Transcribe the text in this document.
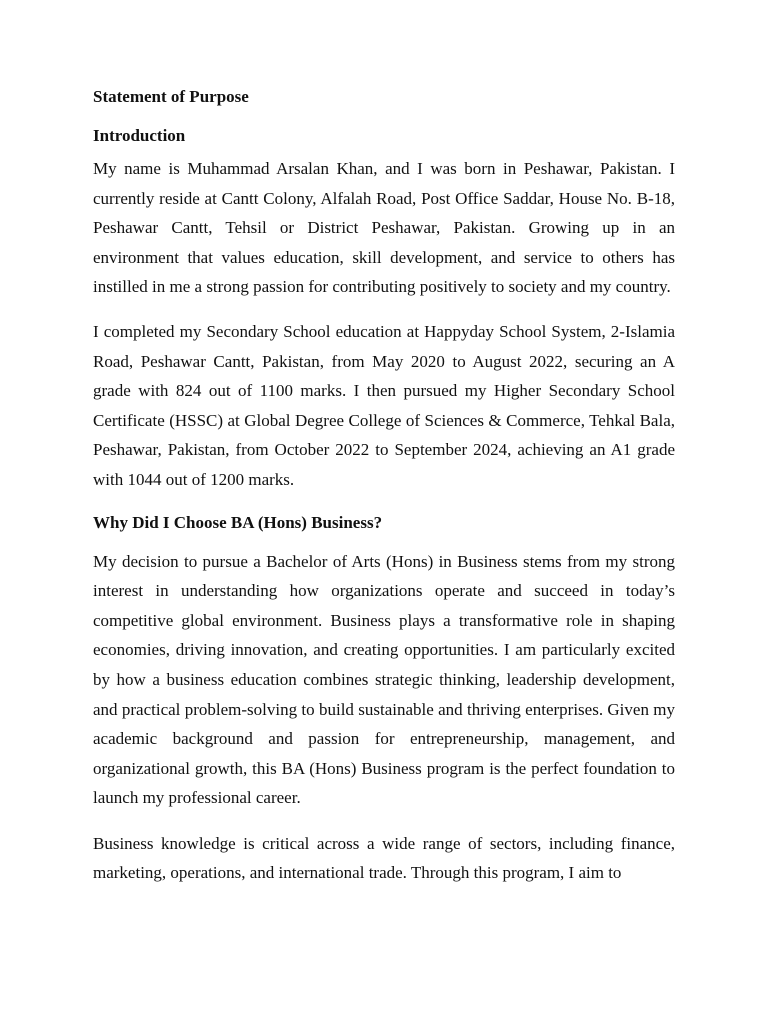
Statement of Purpose
Introduction

My name is Muhammad Arsalan Khan, and I was born in Peshawar, Pakistan. I currently reside at Cantt Colony, Alfalah Road, Post Office Saddar, House No. B-18, Peshawar Cantt, Tehsil or District Peshawar, Pakistan. Growing up in an environment that values education, skill development, and service to others has instilled in me a strong passion for contributing positively to society and my country.

I completed my Secondary School education at Happyday School System, 2-Islamia Road, Peshawar Cantt, Pakistan, from May 2020 to August 2022, securing an A grade with 824 out of 1100 marks. I then pursued my Higher Secondary School Certificate (HSSC) at Global Degree College of Sciences & Commerce, Tehkal Bala, Peshawar, Pakistan, from October 2022 to September 2024, achieving an A1 grade with 1044 out of 1200 marks.

Why Did I Choose BA (Hons) Business?

My decision to pursue a Bachelor of Arts (Hons) in Business stems from my strong interest in understanding how organizations operate and succeed in today’s competitive global environment. Business plays a transformative role in shaping economies, driving innovation, and creating opportunities. I am particularly excited by how a business education combines strategic thinking, leadership development, and practical problem-solving to build sustainable and thriving enterprises. Given my academic background and passion for entrepreneurship, management, and organizational growth, this BA (Hons) Business program is the perfect foundation to launch my professional career.

Business knowledge is critical across a wide range of sectors, including finance, marketing, operations, and international trade. Through this program, I aim to
